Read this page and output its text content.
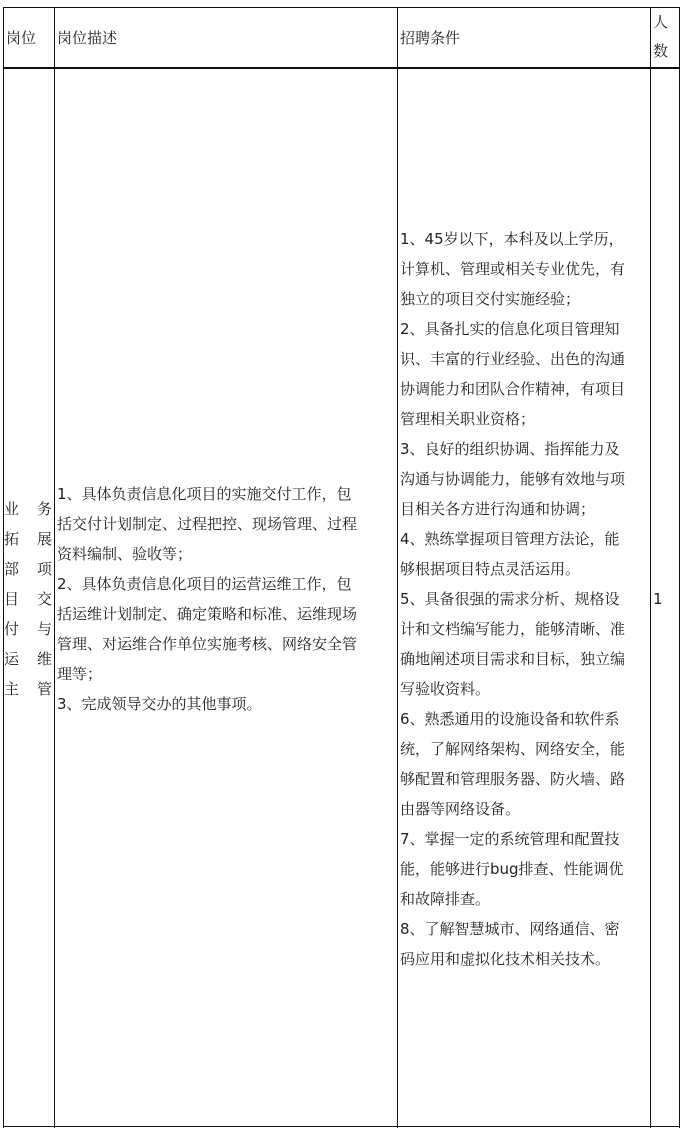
岗位 岗位描述	招聘条件
人
数
业　务
拓　展
部　项
目　交
付　与
运　维
主管
1、具体负责信息化项目的实施交付工作，包
括交付计划制定、过程把控、现场管理、过程
资料编制、验收等；
2、具体负责信息化项目的运营运维工作，包
括运维计划制定、确定策略和标准、运维现场
管理、对运维合作单位实施考核、网络安全管
理等；
3、完成领导交办的其他事项。
1、45岁以下，本科及以上学历，
计算机、管理或相关专业优先，有
独立的项目交付实施经验；
2、具备扎实的信息化项目管理知
识、丰富的行业经验、出色的沟通
协调能力和团队合作精神，有项目
管理相关职业资格；
3、良好的组织协调、指挥能力及
沟通与协调能力，能够有效地与项
目相关各方进行沟通和协调；
4、熟练掌握项目管理方法论，能
够根据项目特点灵活运用。
5、具备很强的需求分析、规格设
计和文档编写能力，能够清晰、准
确地阐述项目需求和目标，独立编
写验收资料。
6、熟悉通用的设施设备和软件系
统，了解网络架构、网络安全，能
够配置和管理服务器、防火墙、路
由器等网络设备。
7、掌握一定的系统管理和配置技
能，能够进行bug排查、性能调优
和故障排查。
8、了解智慧城市、网络通信、密
码应用和虚拟化技术相关技术。
1
